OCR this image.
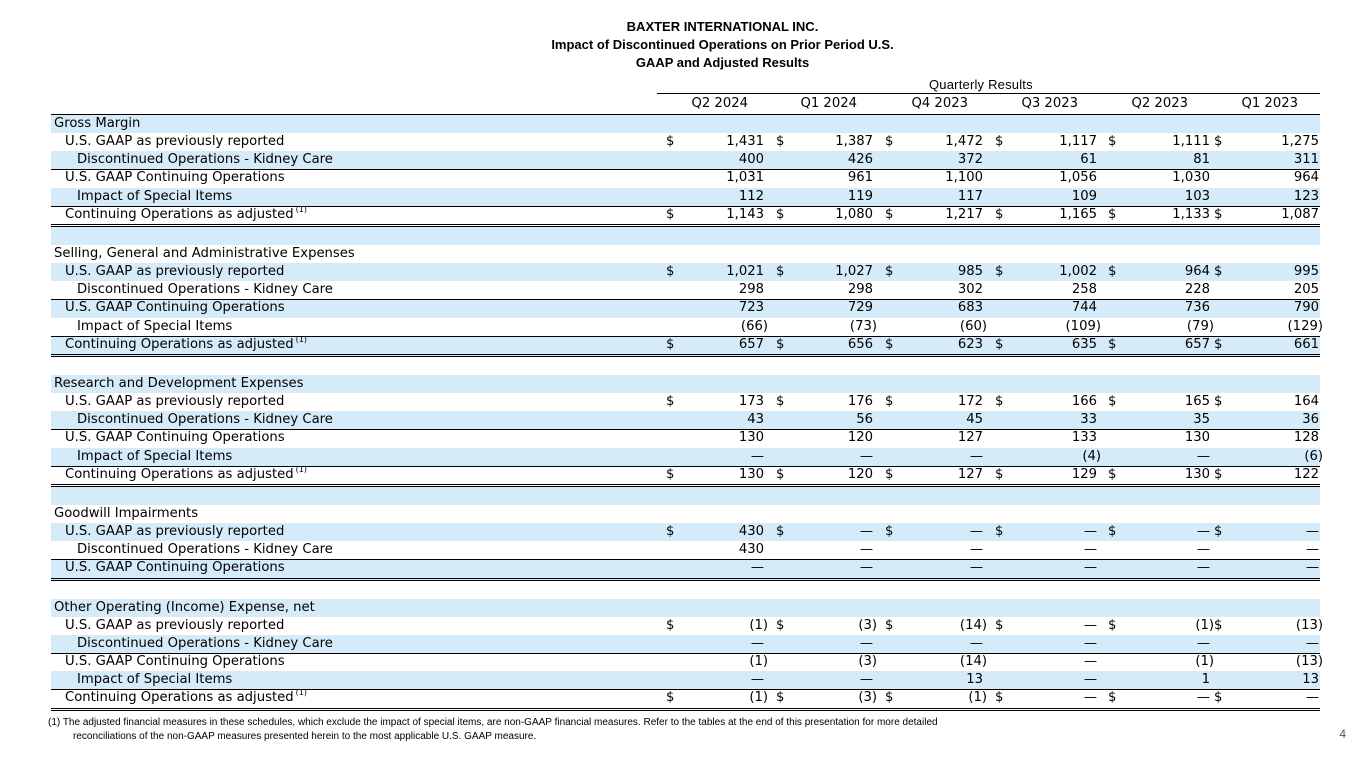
BAXTER INTERNATIONAL INC.
Impact of Discontinued Operations on Prior Period U.S.
GAAP and Adjusted Results
Quarterly Results
Q2 2024	Q1 2024	Q4 2023	Q3 2023	Q2 2023	Q1 2023
Gross Margin
U.S. GAAP as previously reported	$	1,431 $	1,387 $	1,472 $	1,117 $	1,111 $	1,275
Discontinued Operations - Kidney Care	400	426	372	61	81	311
U.S. GAAP Continuing Operations	1,031	961	1,100	1,056	1,030	964
Impact of Special Items	112	119	117	109	103	123
Continuing Operations as adjusted $^{(1)}$	$	1,143 $	1,080 $	1,217 $	1,165 $	1,133 $	1,087
Selling, General and Administrative Expenses
U.S. GAAP as previously reported	$	1,021 $	1,027 $	985 $	1,002 $	964 $	995
Discontinued Operations - Kidney Care	298	298	302	258	228	205
U.S. GAAP Continuing Operations	723	729	683	744	736	790
Impact of Special Items	(66)	(73)	(60)	(109)	(79)	(129)
Continuing Operations as adjusted $^{(1)}$	$	657 $	656 $	623 $	635 $	657 $	661
Research and Development Expenses
U.S. GAAP as previously reported	$	173 $	176 $	172 $	166 $	165 $	164
Discontinued Operations - Kidney Care	43	56	45	33	35	36
U.S. GAAP Continuing Operations	130	120	127	133	130	128
Impact of Special Items	—	—	—	(4)	—	(6)
Continuing Operations as adjusted $^{(1)}$	$	130 $	120 $	127 $	129 $	130 $	122
Goodwill Impairments
U.S. GAAP as previously reported	$	430 $	— $	— $	— $	— $	—
Discontinued Operations - Kidney Care	430	—	—	—	—	—
U.S. GAAP Continuing Operations	—	—	—	—	—	—
Other Operating (Income) Expense, net
U.S. GAAP as previously reported	$	(1) $	(3) $	(14) $	— $	(1) $	(13)
Discontinued Operations - Kidney Care	—	—	—	—	—	—
U.S. GAAP Continuing Operations	(1)	(3)	(14)	—	(1)	(13)
Impact of Special Items	—	—	13	—	1	13
Continuing Operations as adjusted $^{(1)}$	$	(1) $	(3) $	(1) $	— $	— $	—
(1) The adjusted financial measures in these schedules, which exclude the impact of special items, are non-GAAP financial measures. Refer to the tables at the end of this presentation for more detailed
reconciliations of the non-GAAP measures presented herein to the most applicable U.S. GAAP measure.	4
